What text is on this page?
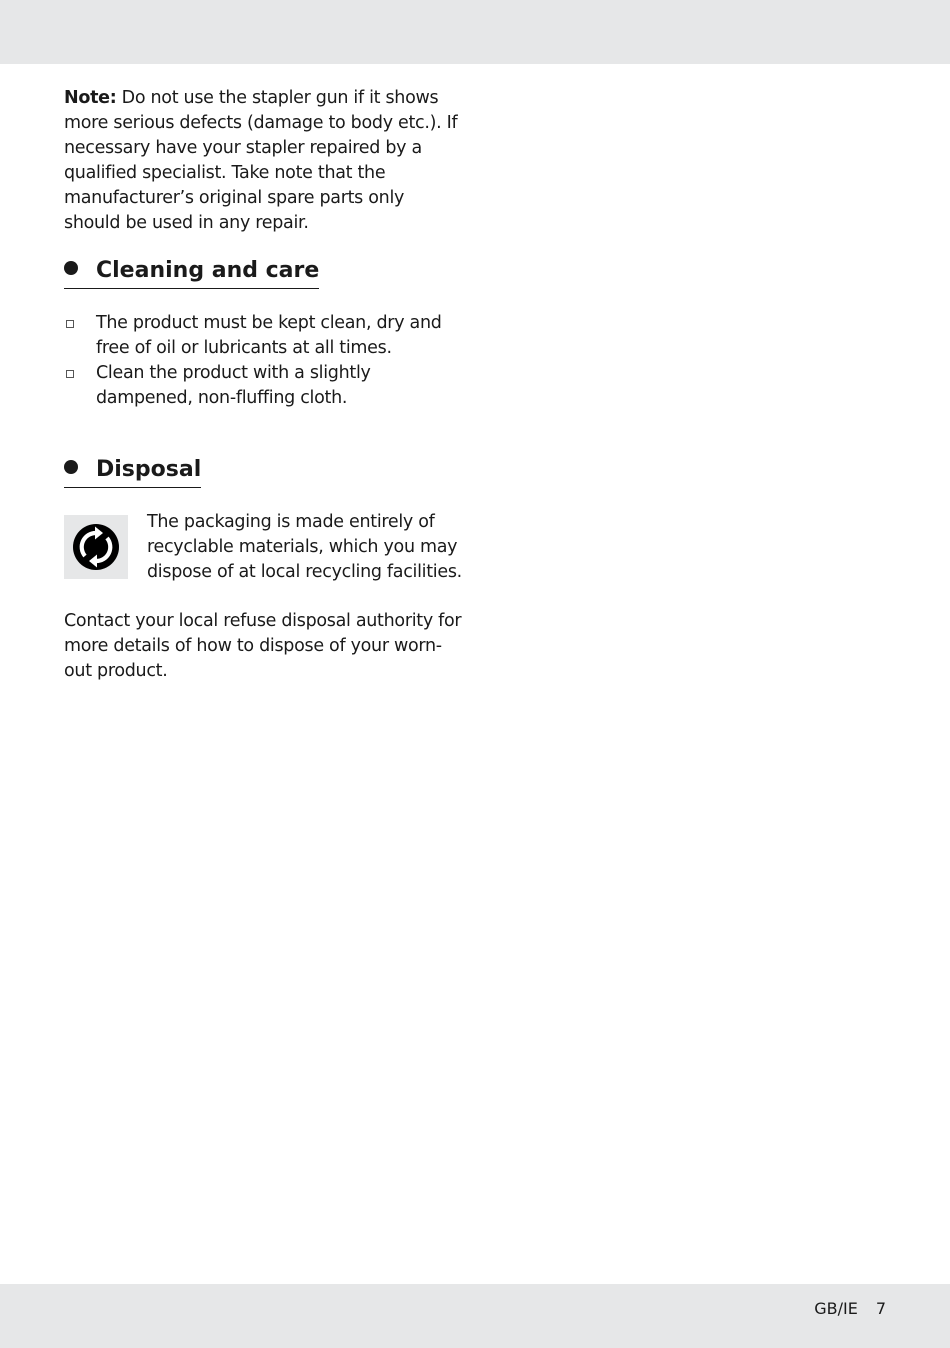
Note: Do not use the stapler gun if it shows more serious defects (damage to body etc.). If necessary have your stapler repaired by a qualified specialist. Take note that the manufacturer’s original spare parts only should be used in any repair.
Cleaning and care
The product must be kept clean, dry and free of oil or lubricants at all times.
Clean the product with a slightly dampened, non-fluffing cloth.
Disposal
The packaging is made entirely of recyclable materials, which you may dispose of at local recycling facilities.
Contact your local refuse disposal authority for more details of how to dispose of your worn-out product.
GB/IE 7
